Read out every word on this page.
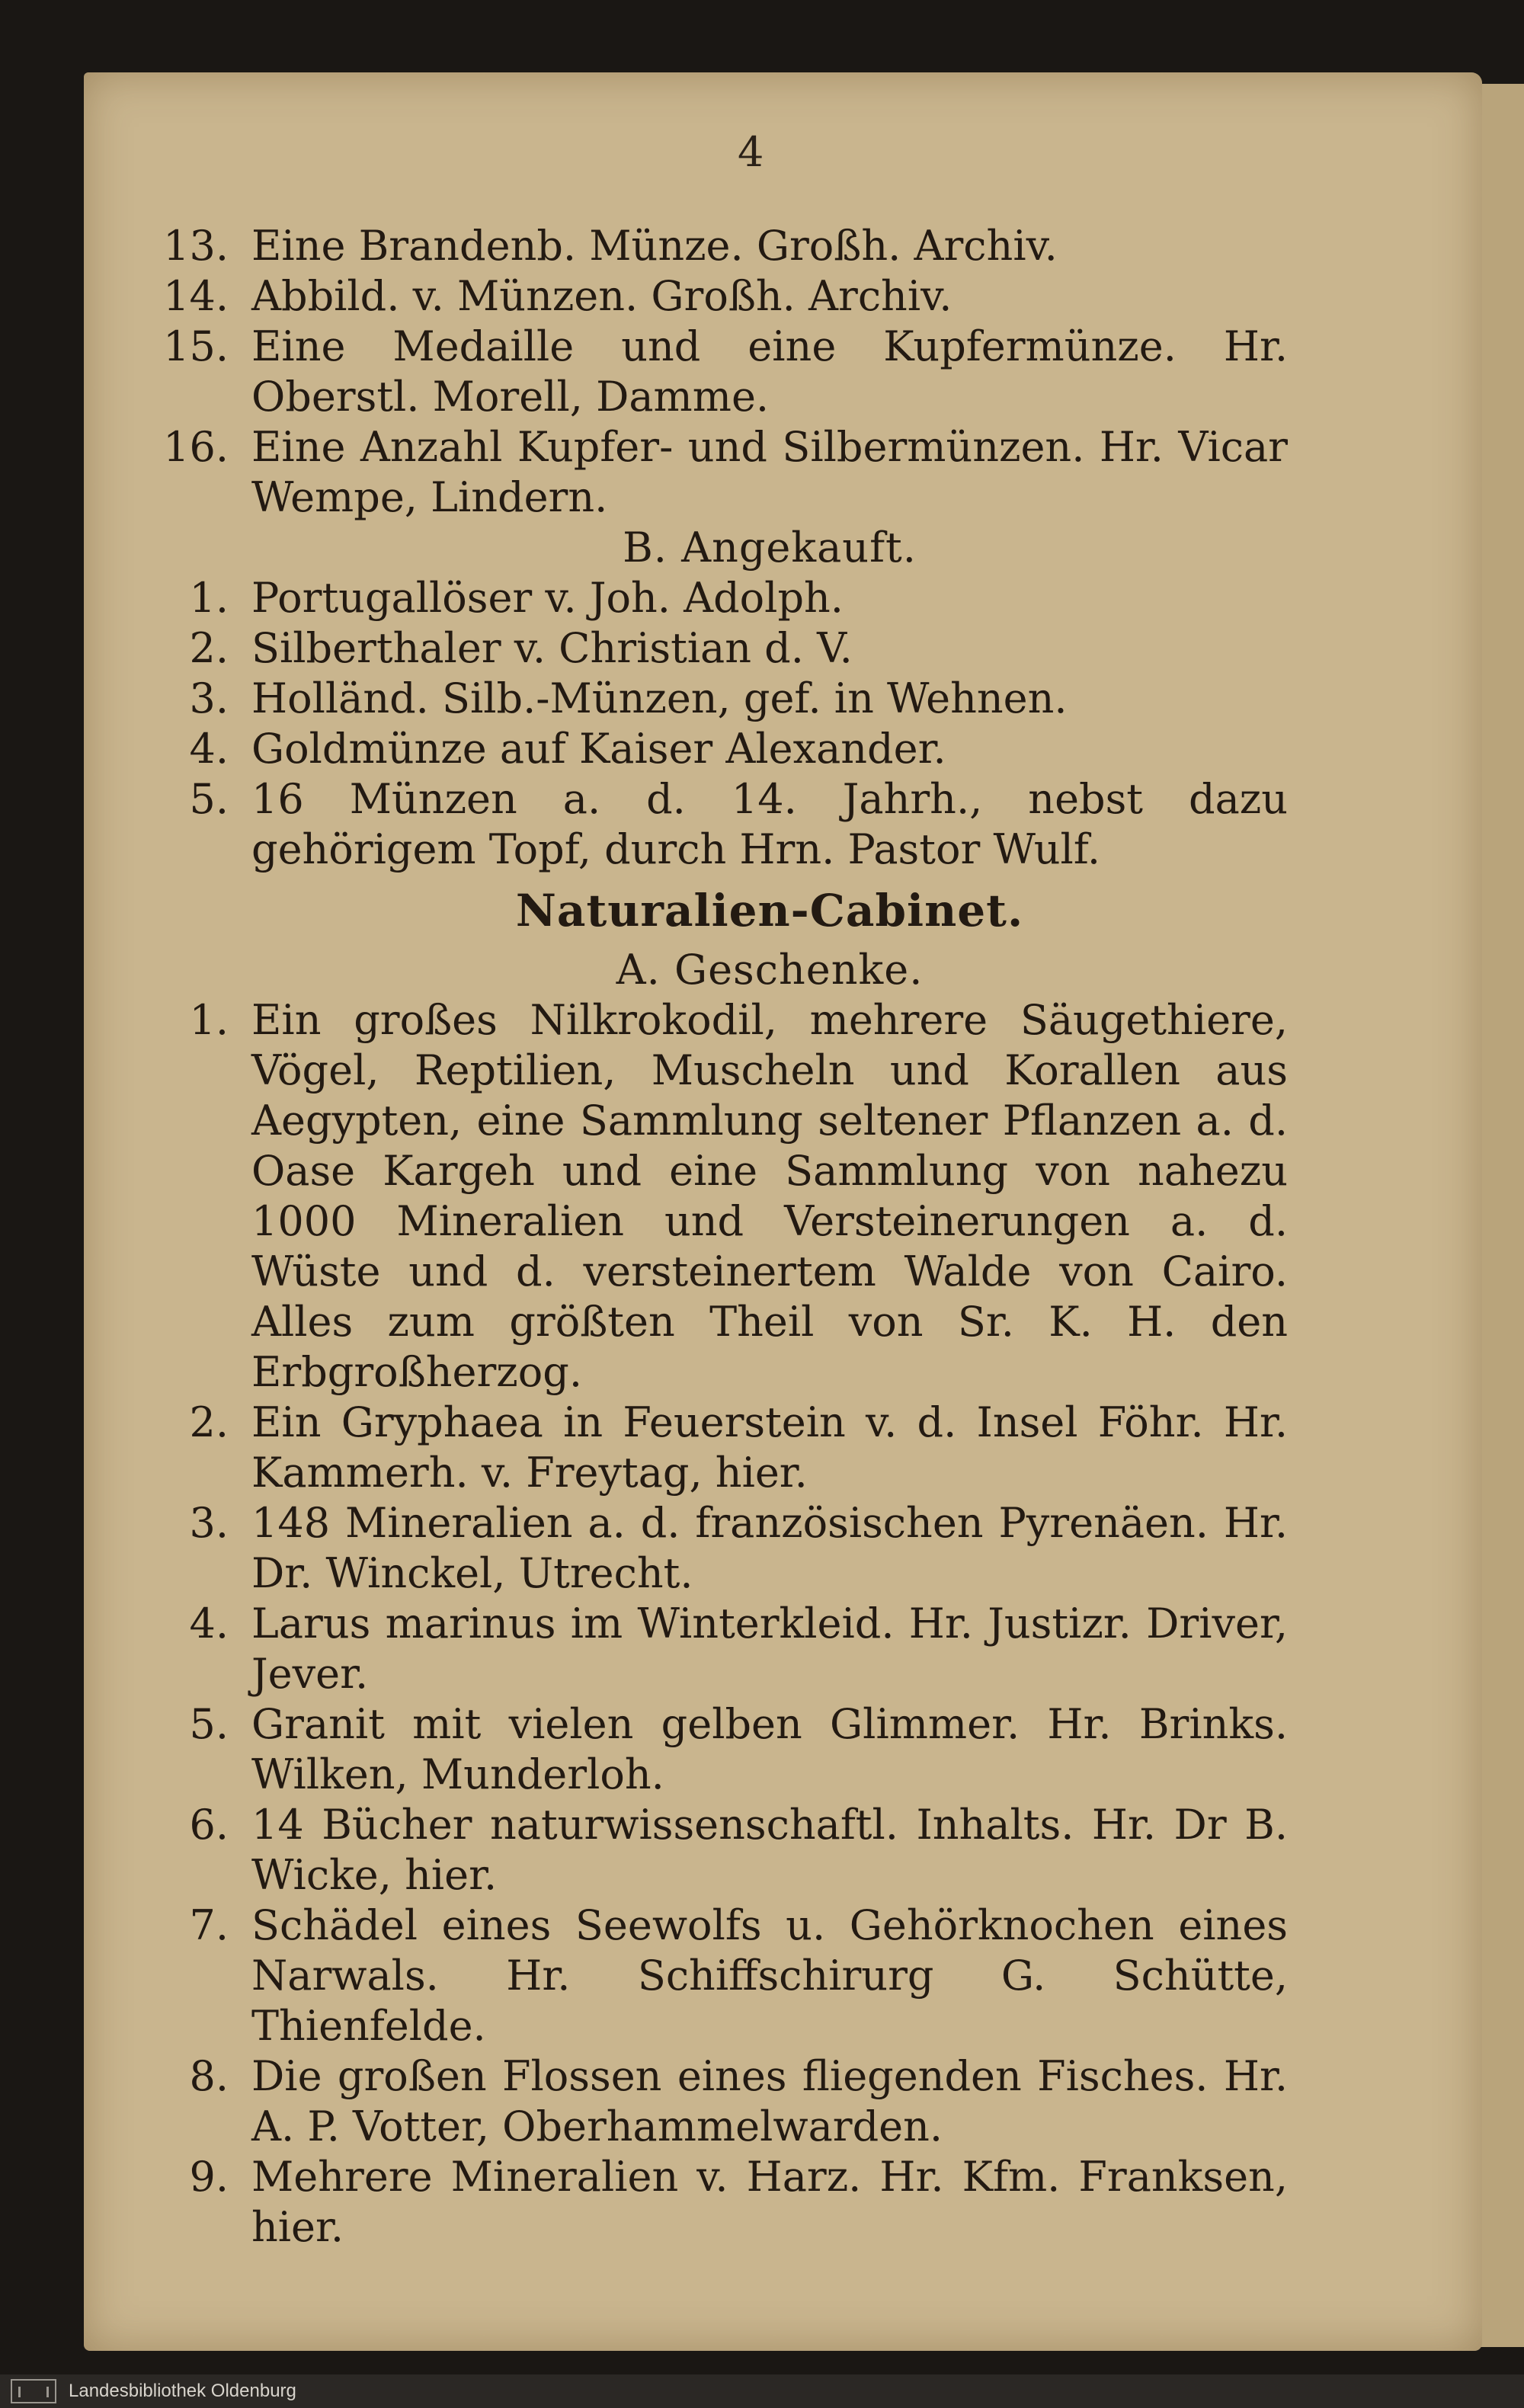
4
13. Eine Brandenb. Münze. Großh. Archiv.
14. Abbild. v. Münzen. Großh. Archiv.
15. Eine Medaille und eine Kupfermünze. Hr. Oberstl. Morell, Damme.
16. Eine Anzahl Kupfer- und Silbermünzen. Hr. Vicar Wempe, Lindern.
B. Angekauft.
1. Portugallöser v. Joh. Adolph.
2. Silberthaler v. Christian d. V.
3. Holländ. Silb.-Münzen, gef. in Wehnen.
4. Goldmünze auf Kaiser Alexander.
5. 16 Münzen a. d. 14. Jahrh., nebst dazu gehörigem Topf, durch Hrn. Pastor Wulf.
Naturalien-Cabinet.
A. Geschenke.
1. Ein großes Nilkrokodil, mehrere Säugethiere, Vögel, Reptilien, Muscheln und Korallen aus Aegypten, eine Sammlung seltener Pflanzen a. d. Oase Kargeh und eine Sammlung von nahezu 1000 Mineralien und Versteinerungen a. d. Wüste und d. versteinertem Walde von Cairo. Alles zum größten Theil von Sr. K. H. den Erbgroßherzog.
2. Ein Gryphaea in Feuerstein v. d. Insel Föhr. Hr. Kammerh. v. Freytag, hier.
3. 148 Mineralien a. d. französischen Pyrenäen. Hr. Dr. Winckel, Utrecht.
4. Larus marinus im Winterkleid. Hr. Justizr. Driver, Jever.
5. Granit mit vielen gelben Glimmer. Hr. Brinks. Wilken, Munderloh.
6. 14 Bücher naturwissenschaftl. Inhalts. Hr. Dr B. Wicke, hier.
7. Schädel eines Seewolfs u. Gehörknochen eines Narwals. Hr. Schiffschirurg G. Schütte, Thienfelde.
8. Die großen Flossen eines fliegenden Fisches. Hr. A. P. Votter, Oberhammelwarden.
9. Mehrere Mineralien v. Harz. Hr. Kfm. Franksen, hier.
Landesbibliothek Oldenburg
